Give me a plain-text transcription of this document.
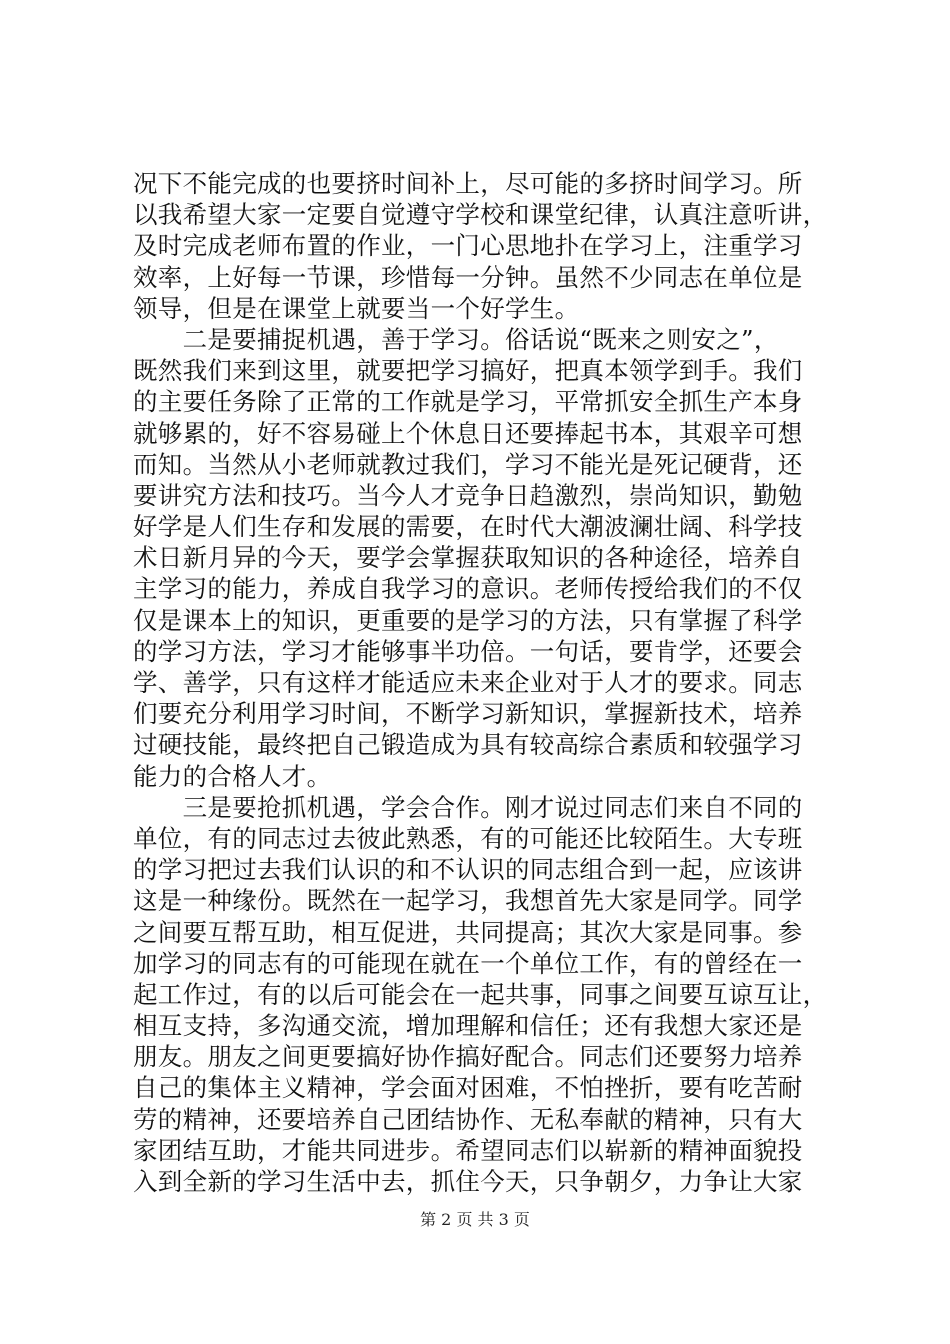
况下不能完成的也要挤时间补上，尽可能的多挤时间学习。所
以我希望大家一定要自觉遵守学校和课堂纪律，认真注意听讲，
及时完成老师布置的作业，一门心思地扑在学习上，注重学习
效率，上好每一节课，珍惜每一分钟。虽然不少同志在单位是
领导，但是在课堂上就要当一个好学生。
　　二是要捕捉机遇，善于学习。俗话说“既来之则安之”，
既然我们来到这里，就要把学习搞好，把真本领学到手。我们
的主要任务除了正常的工作就是学习，平常抓安全抓生产本身
就够累的，好不容易碰上个休息日还要捧起书本，其艰辛可想
而知。当然从小老师就教过我们，学习不能光是死记硬背，还
要讲究方法和技巧。当今人才竞争日趋激烈，崇尚知识，勤勉
好学是人们生存和发展的需要，在时代大潮波澜壮阔、科学技
术日新月异的今天，要学会掌握获取知识的各种途径，培养自
主学习的能力，养成自我学习的意识。老师传授给我们的不仅
仅是课本上的知识，更重要的是学习的方法，只有掌握了科学
的学习方法，学习才能够事半功倍。一句话，要肯学，还要会
学、善学，只有这样才能适应未来企业对于人才的要求。同志
们要充分利用学习时间，不断学习新知识，掌握新技术，培养
过硬技能，最终把自己锻造成为具有较高综合素质和较强学习
能力的合格人才。
　　三是要抢抓机遇，学会合作。刚才说过同志们来自不同的
单位，有的同志过去彼此熟悉，有的可能还比较陌生。大专班
的学习把过去我们认识的和不认识的同志组合到一起，应该讲
这是一种缘份。既然在一起学习，我想首先大家是同学。同学
之间要互帮互助，相互促进，共同提高；其次大家是同事。参
加学习的同志有的可能现在就在一个单位工作，有的曾经在一
起工作过，有的以后可能会在一起共事，同事之间要互谅互让，
相互支持，多沟通交流，增加理解和信任；还有我想大家还是
朋友。朋友之间更要搞好协作搞好配合。同志们还要努力培养
自己的集体主义精神，学会面对困难，不怕挫折，要有吃苦耐
劳的精神，还要培养自己团结协作、无私奉献的精神，只有大
家团结互助，才能共同进步。希望同志们以崭新的精神面貌投
入到全新的学习生活中去，抓住今天，只争朝夕，力争让大家
第 2 页 共 3 页
